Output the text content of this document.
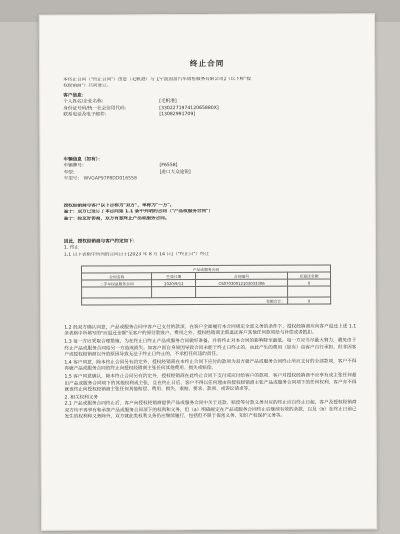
终止合同
本终止合同（"终止合同"）由您（毛帆港）与【宁波国富汽车销售服务有限公司】（以下称"授
权经销商"）共同签订。
客户信息：
个人姓名/企业名称：	[毛帆港]
身份证号码/统一社会信用代码：	[330227197412065880X]
联系电话及电子邮件：	[13082991709]
车辆信息（如有）：
车辆牌号：	[F6558]
车型：	[进口大众途锐]
车架号： WVGAP97P8DD016558
授权经销商与客户以下合称为"双方"，单称为"一方"。
鉴于：双方已签订了本合同第 1.1 条中列明的合同（"产品或服务合同"）
鉴于：经友好协商，双方有意终止产品或服务合同。
因此，授权经销商与客户约定如下：
1. 终止
1.1 以下表格中所列的合同自于[2023 年 8 月 14 日]（"终止日"）终止
产品或服务合同			
合同名称	生效日期	合同编号	应退还金额
二手车权益服务合同	2020/9/12	CS07030012103033306	0

金额合计：			0
1.2 经双方确认同意，产品或服务合同中客户已支付的款项，在客户全面履行本合同规定全部义务的条件下，授权经销商应向客户退还上述 1.1 条表格中所填写的"应退还金额"至客户的原付款账户。费用之外，授权经销商无需退还客户其他任何款项给与补偿或者抵扣。
1.3 每一方应采取合理措施，为在终止日终止产品或服务合同做好准备，并将终止对本合同的影响降至最低。每一方应当尽最大努力，避免由于终止产品或服务合同给另一方造成损失。如客户因自身原因导致合同未能于终止日终止的，由此产生的费用（如有）由客户自行承担，但非因客户或授权经销商以外的原因导致无法于终止日终止的，不承担任何违约责任。
1.4 客户同意，除本终止合同另有约定外，授权经销商在本终止合同下应付的款项为双方就产品或服务合同终止所应支付的全部款项，客户不得再就产品或服务合同的终止向授权经销商主张任何其他费用、损失或赔偿。
1.5 客户同意确认，除本终止合同另有约定外，授权经销商在此终止合同下支付或应付给客户的款项，客户对授权经销商不应享有或主张任何超出产品或服务合同项下的其他权利或主张，且在终止日后，客户不得以任何理由向授权经销商主张产品或服务合同项下的任何权利，客户亦不得就该终止向授权经销商主张任何其他赔偿、费用、损失、索赔、要求、款项、或诉讼请求等。
2. 相关权利义务
2.1 产品或服务合同终止后，客户向授权经销商提供产品或服务合同中关于还款、赔偿等付款义务对应的终止应自终止日起，客户及授权经销商双方均不再享有和承担产品或服务合同项下的权利和义务，但（a）明确规定在产品或服务合同终止后继续有效的条款，以及（b）在终止日前已发生的权利和义务除外，双方就此类权利义务仍应继续履行，包括但不限于保密义务、知识产权保护义务等。
